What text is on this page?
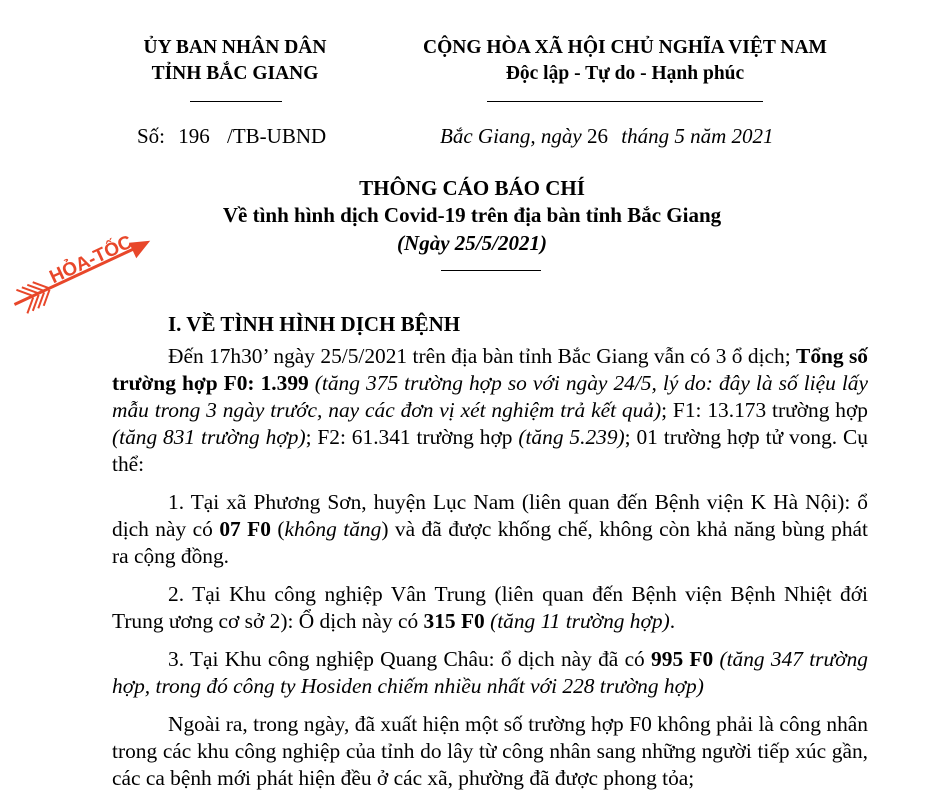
ỦY BAN NHÂN DÂN
TỈNH BẮC GIANG
CỘNG HÒA XÃ HỘI CHỦ NGHĨA VIỆT NAM
Độc lập - Tự do - Hạnh phúc
Số: 196 /TB-UBND	Bắc Giang, ngày 26 tháng 5 năm 2021
HỎA-TỐC
THÔNG CÁO BÁO CHÍ
Về tình hình dịch Covid-19 trên địa bàn tỉnh Bắc Giang
(Ngày 25/5/2021)
I. VỀ TÌNH HÌNH DỊCH BỆNH

Đến 17h30’ ngày 25/5/2021 trên địa bàn tỉnh Bắc Giang vẫn có 3 ổ dịch; Tổng số trường hợp F0: 1.399 (tăng 375 trường hợp so với ngày 24/5, lý do: đây là số liệu lấy mẫu trong 3 ngày trước, nay các đơn vị xét nghiệm trả kết quả); F1: 13.173 trường hợp (tăng 831 trường hợp); F2: 61.341 trường hợp (tăng 5.239); 01 trường hợp tử vong. Cụ thể:

1. Tại xã Phương Sơn, huyện Lục Nam (liên quan đến Bệnh viện K Hà Nội): ổ dịch này có 07 F0 (không tăng) và đã được khống chế, không còn khả năng bùng phát ra cộng đồng.

2. Tại Khu công nghiệp Vân Trung (liên quan đến Bệnh viện Bệnh Nhiệt đới Trung ương cơ sở 2): Ổ dịch này có 315 F0 (tăng 11 trường hợp).

3. Tại Khu công nghiệp Quang Châu: ổ dịch này đã có 995 F0 (tăng 347 trường hợp, trong đó công ty Hosiden chiếm nhiều nhất với 228 trường hợp)

Ngoài ra, trong ngày, đã xuất hiện một số trường hợp F0 không phải là công nhân trong các khu công nghiệp của tỉnh do lây từ công nhân sang những người tiếp xúc gần, các ca bệnh mới phát hiện đều ở các xã, phường đã được phong tỏa;
